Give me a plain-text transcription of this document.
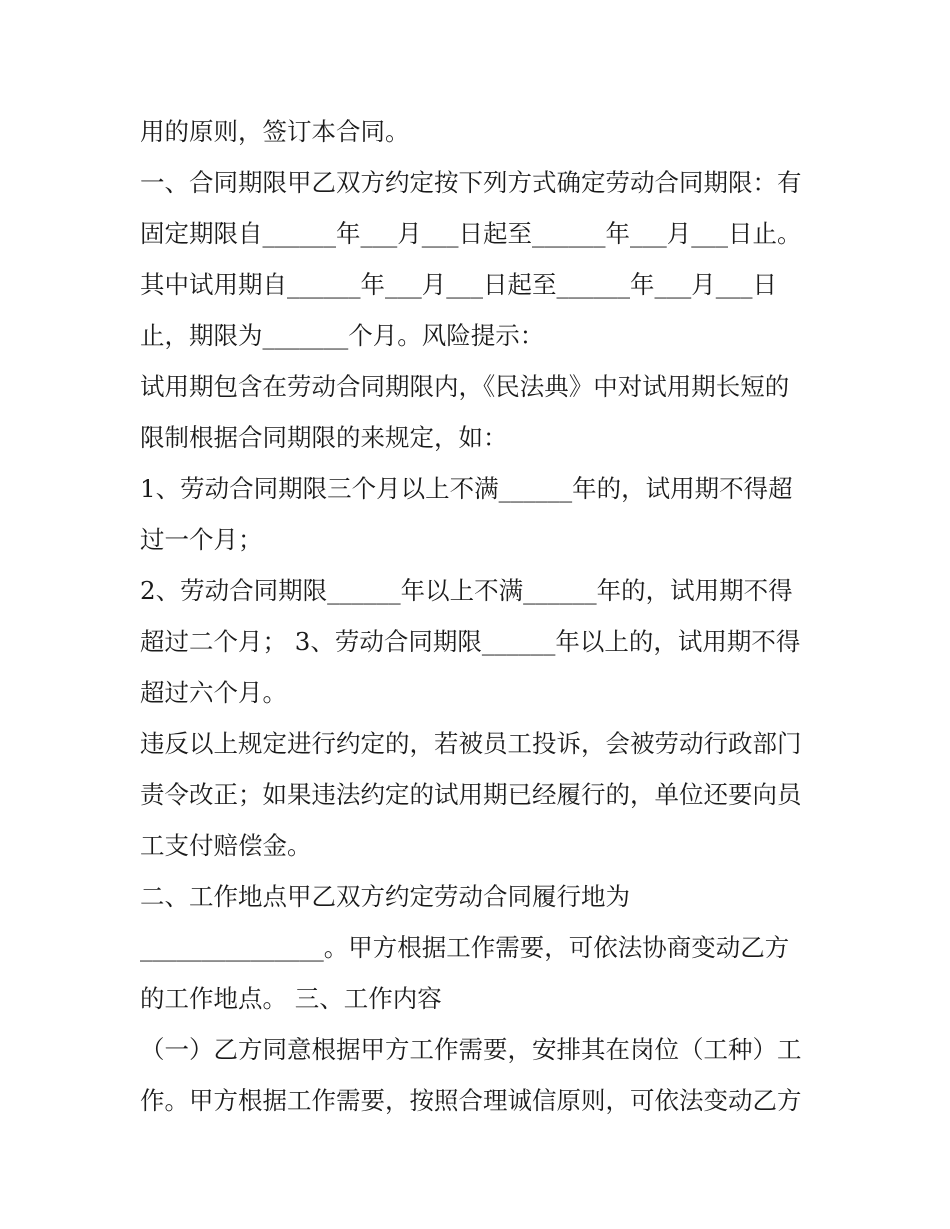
用的原则，签订本合同。

一、合同期限甲乙双方约定按下列方式确定劳动合同期限：有

固定期限自______年___月___日起至______年___月___日止。

其中试用期自______年___月___日起至______年___月___日

止，期限为_______个月。风险提示：

试用期包含在劳动合同期限内，《民法典》中对试用期长短的

限制根据合同期限的来规定，如：

1、劳动合同期限三个月以上不满______年的，试用期不得超

过一个月；

2、劳动合同期限______年以上不满______年的，试用期不得

超过二个月； 3、劳动合同期限______年以上的，试用期不得

超过六个月。

违反以上规定进行约定的，若被员工投诉，会被劳动行政部门

责令改正；如果违法约定的试用期已经履行的，单位还要向员

工支付赔偿金。

二、工作地点甲乙双方约定劳动合同履行地为

_______________。甲方根据工作需要，可依法协商变动乙方

的工作地点。 三、工作内容

（一）乙方同意根据甲方工作需要，安排其在岗位（工种）工

作。甲方根据工作需要，按照合理诚信原则，可依法变动乙方
